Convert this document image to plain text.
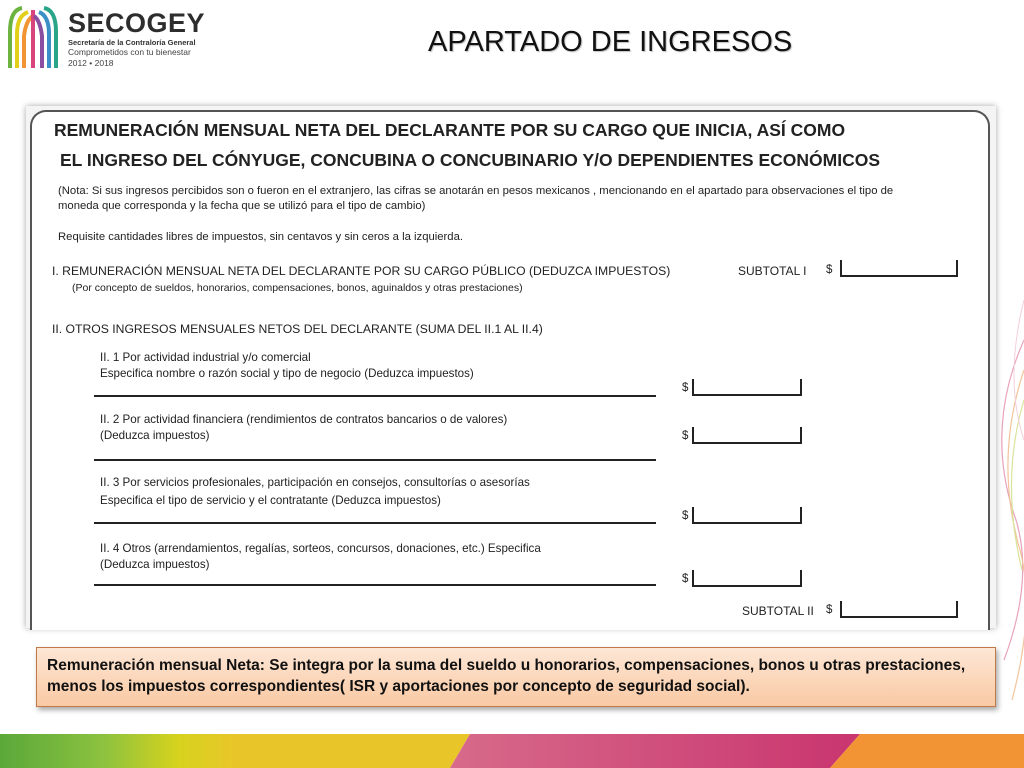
SECOGEY
Secretaría de la Contraloría General
Comprometidos con tu bienestar
2012 • 2018
APARTADO DE INGRESOS
REMUNERACIÓN MENSUAL NETA DEL DECLARANTE POR SU CARGO QUE INICIA, ASÍ COMO
EL INGRESO DEL CÓNYUGE, CONCUBINA O CONCUBINARIO Y/O DEPENDIENTES ECONÓMICOS
(Nota: Si sus ingresos percibidos son o fueron en el extranjero, las cifras se anotarán en pesos mexicanos , mencionando en el apartado para observaciones el tipo de
moneda que corresponda y la fecha que se utilizó para el tipo de cambio)
Requisite cantidades libres de impuestos, sin centavos y sin ceros a la izquierda.
I. REMUNERACIÓN MENSUAL NETA DEL DECLARANTE POR SU CARGO PÚBLICO (DEDUZCA IMPUESTOS)
(Por concepto de sueldos, honorarios, compensaciones, bonos, aguinaldos y otras prestaciones)
SUBTOTAL I $
II. OTROS INGRESOS MENSUALES NETOS DEL DECLARANTE (SUMA DEL II.1 AL II.4)
II. 1 Por actividad industrial y/o comercial
Especifica nombre o razón social y tipo de negocio (Deduzca impuestos)
$
II. 2 Por actividad financiera (rendimientos de contratos bancarios o de valores)
(Deduzca impuestos)	$
II. 3 Por servicios profesionales, participación en consejos, consultorías o asesorías
Especifica el tipo de servicio y el contratante (Deduzca impuestos)
$
II. 4 Otros (arrendamientos, regalías, sorteos, concursos, donaciones, etc.) Especifica
(Deduzca impuestos)
$
SUBTOTAL II $
Remuneración mensual Neta: Se integra por la suma del sueldo u honorarios, compensaciones, bonos u otras prestaciones, menos los impuestos correspondientes( ISR y aportaciones por concepto de seguridad social).
